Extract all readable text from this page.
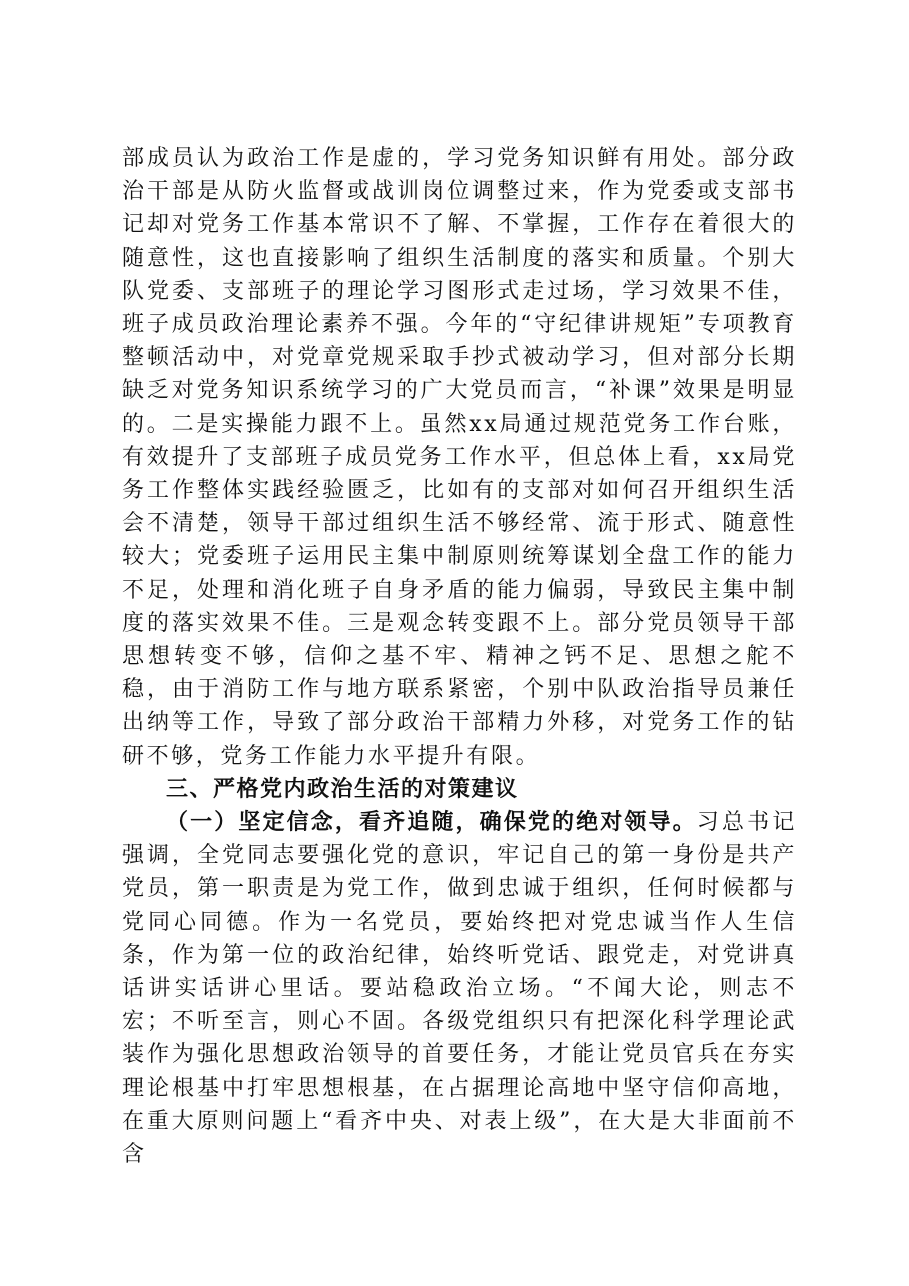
部成员认为政治工作是虚的，学习党务知识鲜有用处。部分政治干部是从防火监督或战训岗位调整过来，作为党委或支部书记却对党务工作基本常识不了解、不掌握，工作存在着很大的随意性，这也直接影响了组织生活制度的落实和质量。个别大队党委、支部班子的理论学习图形式走过场，学习效果不佳，班子成员政治理论素养不强。今年的“守纪律讲规矩”专项教育整顿活动中，对党章党规采取手抄式被动学习，但对部分长期缺乏对党务知识系统学习的广大党员而言，“补课”效果是明显的。二是实操能力跟不上。虽然xx局通过规范党务工作台账，有效提升了支部班子成员党务工作水平，但总体上看，xx局党务工作整体实践经验匮乏，比如有的支部对如何召开组织生活会不清楚，领导干部过组织生活不够经常、流于形式、随意性较大；党委班子运用民主集中制原则统筹谋划全盘工作的能力不足，处理和消化班子自身矛盾的能力偏弱，导致民主集中制度的落实效果不佳。三是观念转变跟不上。部分党员领导干部思想转变不够，信仰之基不牢、精神之钙不足、思想之舵不稳，由于消防工作与地方联系紧密，个别中队政治指导员兼任出纳等工作，导致了部分政治干部精力外移，对党务工作的钻研不够，党务工作能力水平提升有限。

三、严格党内政治生活的对策建议

（一）坚定信念，看齐追随，确保党的绝对领导。习总书记强调，全党同志要强化党的意识，牢记自己的第一身份是共产党员，第一职责是为党工作，做到忠诚于组织，任何时候都与党同心同德。作为一名党员，要始终把对党忠诚当作人生信条，作为第一位的政治纪律，始终听党话、跟党走，对党讲真话讲实话讲心里话。要站稳政治立场。“不闻大论，则志不宏；不听至言，则心不固。各级党组织只有把深化科学理论武装作为强化思想政治领导的首要任务，才能让党员官兵在夯实理论根基中打牢思想根基，在占据理论高地中坚守信仰高地，在重大原则问题上“看齐中央、对表上级”，在大是大非面前不含
